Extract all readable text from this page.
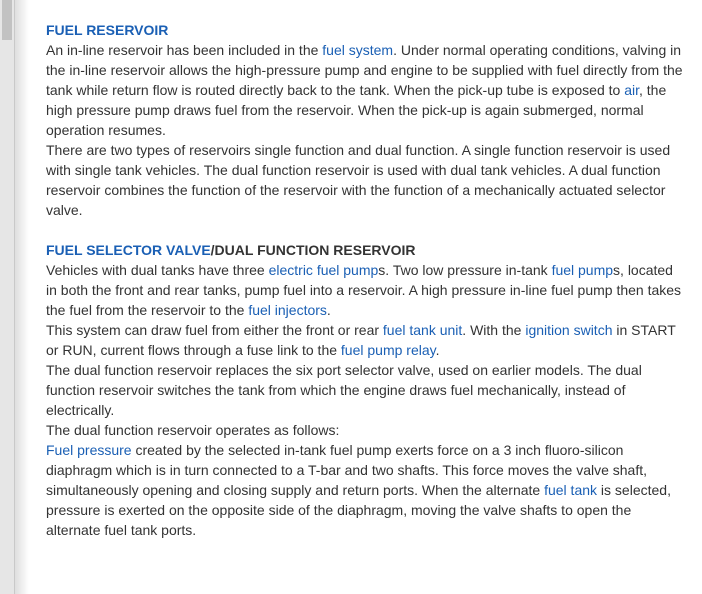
FUEL RESERVOIR

An in-line reservoir has been included in the fuel system. Under normal operating conditions, valving in the in-line reservoir allows the high-pressure pump and engine to be supplied with fuel directly from the tank while return flow is routed directly back to the tank. When the pick-up tube is exposed to air, the high pressure pump draws fuel from the reservoir. When the pick-up is again submerged, normal operation resumes.

There are two types of reservoirs single function and dual function. A single function reservoir is used with single tank vehicles. The dual function reservoir is used with dual tank vehicles. A dual function reservoir combines the function of the reservoir with the function of a mechanically actuated selector valve.

FUEL SELECTOR VALVE/DUAL FUNCTION RESERVOIR

Vehicles with dual tanks have three electric fuel pumps. Two low pressure in-tank fuel pumps, located in both the front and rear tanks, pump fuel into a reservoir. A high pressure in-line fuel pump then takes the fuel from the reservoir to the fuel injectors.

This system can draw fuel from either the front or rear fuel tank unit. With the ignition switch in START or RUN, current flows through a fuse link to the fuel pump relay.

The dual function reservoir replaces the six port selector valve, used on earlier models. The dual function reservoir switches the tank from which the engine draws fuel mechanically, instead of electrically.

The dual function reservoir operates as follows:

Fuel pressure created by the selected in-tank fuel pump exerts force on a 3 inch fluoro-silicon diaphragm which is in turn connected to a T-bar and two shafts. This force moves the valve shaft, simultaneously opening and closing supply and return ports. When the alternate fuel tank is selected, pressure is exerted on the opposite side of the diaphragm, moving the valve shafts to open the alternate fuel tank ports.
